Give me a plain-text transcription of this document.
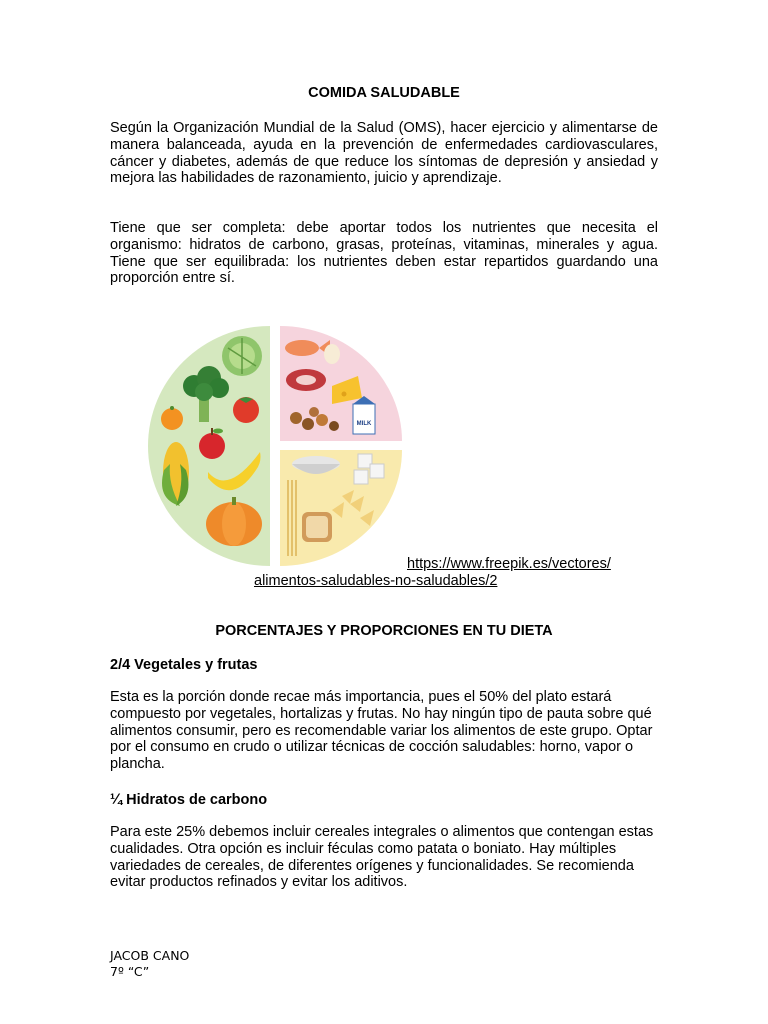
COMIDA SALUDABLE

Según la Organización Mundial de la Salud (OMS), hacer ejercicio y alimentarse de manera balanceada, ayuda en la prevención de enfermedades cardiovasculares, cáncer y diabetes, además de que reduce los síntomas de depresión y ansiedad y mejora las habilidades de razonamiento, juicio y aprendizaje.

Tiene que ser completa: debe aportar todos los nutrientes que necesita el organismo: hidratos de carbono, grasas, proteínas, vitaminas, minerales y agua. Tiene que ser equilibrada: los nutrientes deben estar repartidos guardando una proporción entre sí.

MILK
https://www.freepik.es/vectores/
alimentos-saludables-no-saludables/2
PORCENTAJES Y PROPORCIONES EN TU DIETA

2/4 Vegetales y frutas

Esta es la porción donde recae más importancia, pues el 50% del plato estará compuesto por vegetales, hortalizas y frutas. No hay ningún tipo de pauta sobre qué alimentos consumir, pero es recomendable variar los alimentos de este grupo. Optar por el consumo en crudo o utilizar técnicas de cocción saludables: horno, vapor o plancha.

¼ Hidratos de carbono

Para este 25% debemos incluir cereales integrales o alimentos que contengan estas cualidades. Otra opción es incluir féculas como patata o boniato. Hay múltiples variedades de cereales, de diferentes orígenes y funcionalidades. Se recomienda evitar productos refinados y evitar los aditivos.

JACOB CANO
7º “C”
